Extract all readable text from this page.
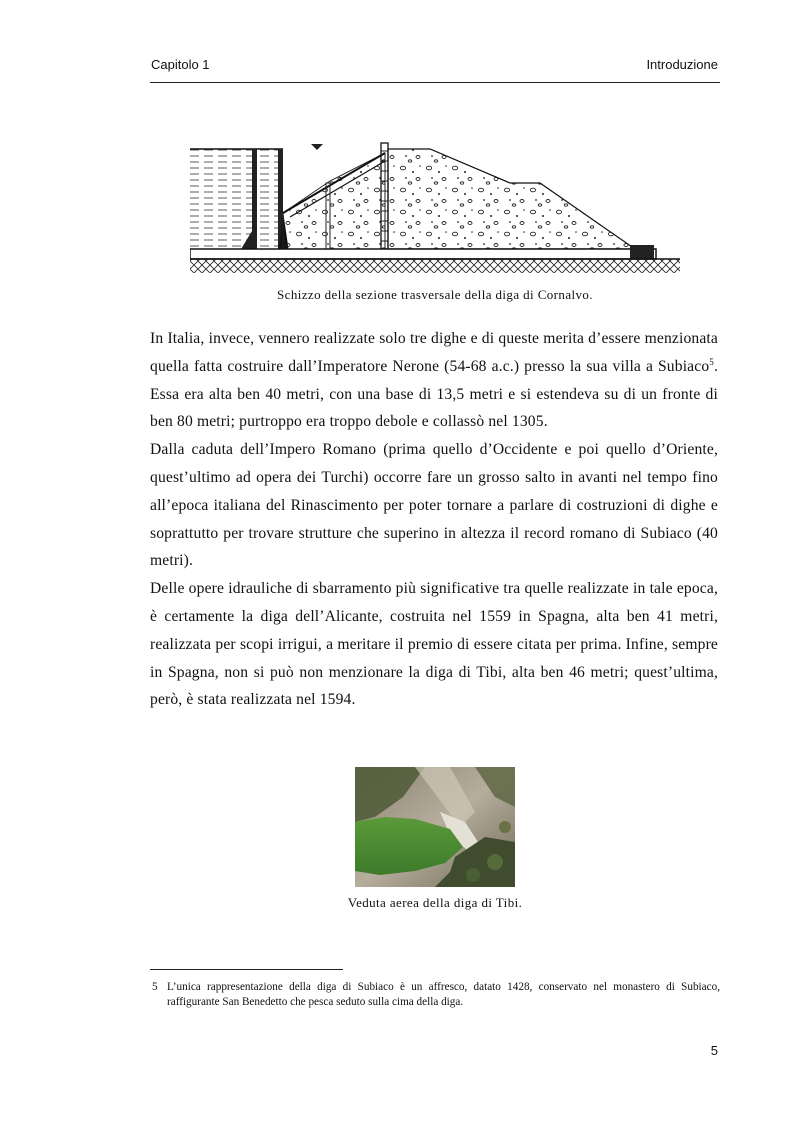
Capitolo 1	Introduzione
Schizzo della sezione trasversale della diga di Cornalvo.

In Italia, invece, vennero realizzate solo tre dighe e di queste merita d’essere menzionata quella fatta costruire dall’Imperatore Nerone (54-68 a.c.) presso la sua villa a Subiaco$^5$. Essa era alta ben 40 metri, con una base di 13,5 metri e si estendeva su di un fronte di ben 80 metri; purtroppo era troppo debole e collassò nel 1305.

Dalla caduta dell’Impero Romano (prima quello d’Occidente e poi quello d’Oriente, quest’ultimo ad opera dei Turchi) occorre fare un grosso salto in avanti nel tempo fino all’epoca italiana del Rinascimento per poter tornare a parlare di costruzioni di dighe e soprattutto per trovare strutture che superino in altezza il record romano di Subiaco (40 metri).

Delle opere idrauliche di sbarramento più significative tra quelle realizzate in tale epoca, è certamente la diga dell’Alicante, costruita nel 1559 in Spagna, alta ben 41 metri, realizzata per scopi irrigui, a meritare il premio di essere citata per prima. Infine, sempre in Spagna, non si può non menzionare la diga di Tibi, alta ben 46 metri; quest’ultima, però, è stata realizzata nel 1594.

Veduta aerea della diga di Tibi.
5 L’unica rappresentazione della diga di Subiaco è un affresco, datato 1428, conservato nel monastero di Subiaco, raffigurante San Benedetto che pesca seduto sulla cima della diga.
5
